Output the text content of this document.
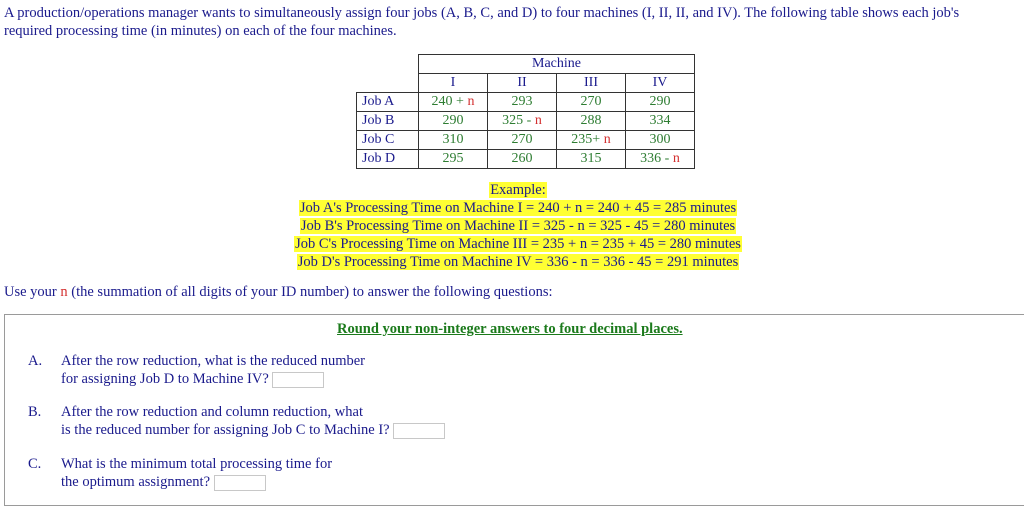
A production/operations manager wants to simultaneously assign four jobs (A, B, C, and D) to four machines (I, II, II, and IV). The following table shows each job's
required processing time (in minutes) on each of the four machines.
	Machine			
	I	II	III	IV
Job A	240 + n	293	270	290
Job B	290	325 - n	288	334
Job C	310	270	235+ n	300
Job D	295	260	315	336 - n
Example:
Job A's Processing Time on Machine I = 240 + n = 240 + 45 = 285 minutes
Job B's Processing Time on Machine II = 325 - n = 325 - 45 = 280 minutes
Job C's Processing Time on Machine III = 235 + n = 235 + 45 = 280 minutes
Job D's Processing Time on Machine IV = 336 - n = 336 - 45 = 291 minutes
Use your n (the summation of all digits of your ID number) to answer the following questions:
Round your non-integer answers to four decimal places.
A. After the row reduction, what is the reduced number
for assigning Job D to Machine IV?
B. After the row reduction and column reduction, what
is the reduced number for assigning Job C to Machine I?
C. What is the minimum total processing time for
the optimum assignment?
